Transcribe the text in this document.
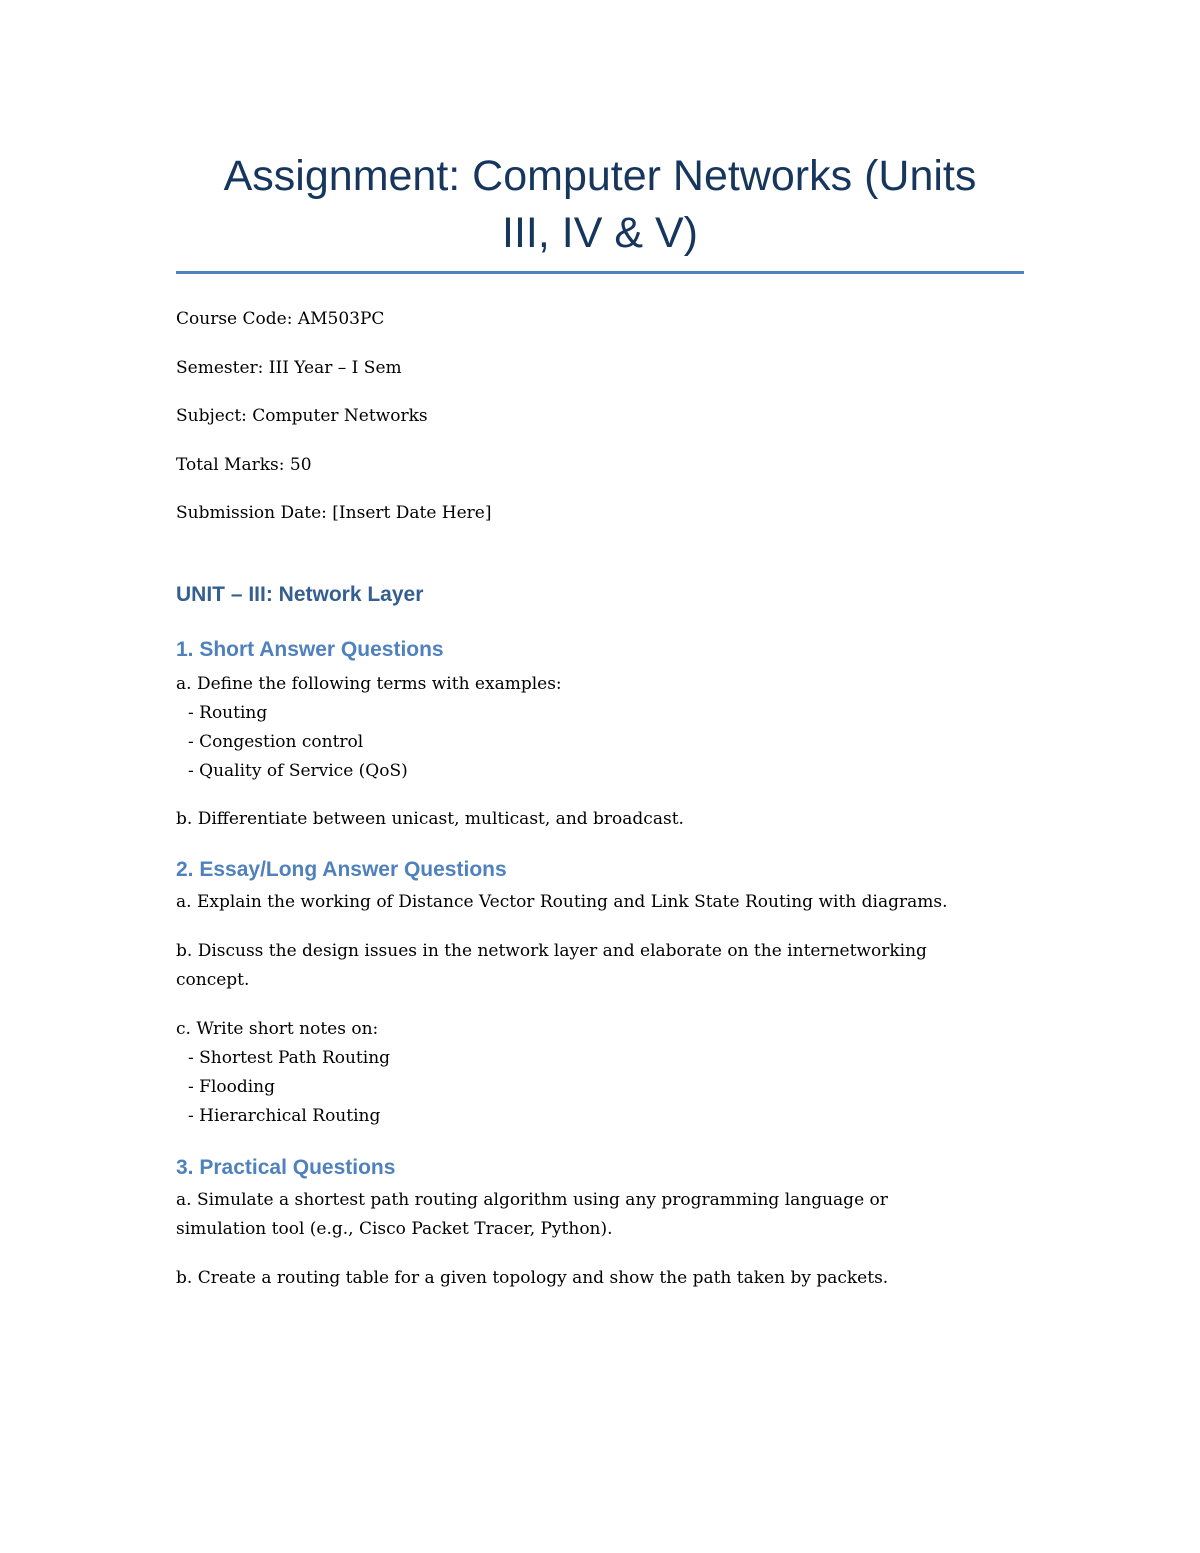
Assignment: Computer Networks (Units
III, IV & V)

Course Code: AM503PC

Semester: III Year – I Sem

Subject: Computer Networks

Total Marks: 50

Submission Date: [Insert Date Here]

UNIT – III: Network Layer
1. Short Answer Questions
a. Define the following terms with examples:
- Routing
- Congestion control
- Quality of Service (QoS)
b. Differentiate between unicast, multicast, and broadcast.
2. Essay/Long Answer Questions
a. Explain the working of Distance Vector Routing and Link State Routing with diagrams.
b. Discuss the design issues in the network layer and elaborate on the internetworking
concept.
c. Write short notes on:
- Shortest Path Routing
- Flooding
- Hierarchical Routing
3. Practical Questions
a. Simulate a shortest path routing algorithm using any programming language or
simulation tool (e.g., Cisco Packet Tracer, Python).
b. Create a routing table for a given topology and show the path taken by packets.
